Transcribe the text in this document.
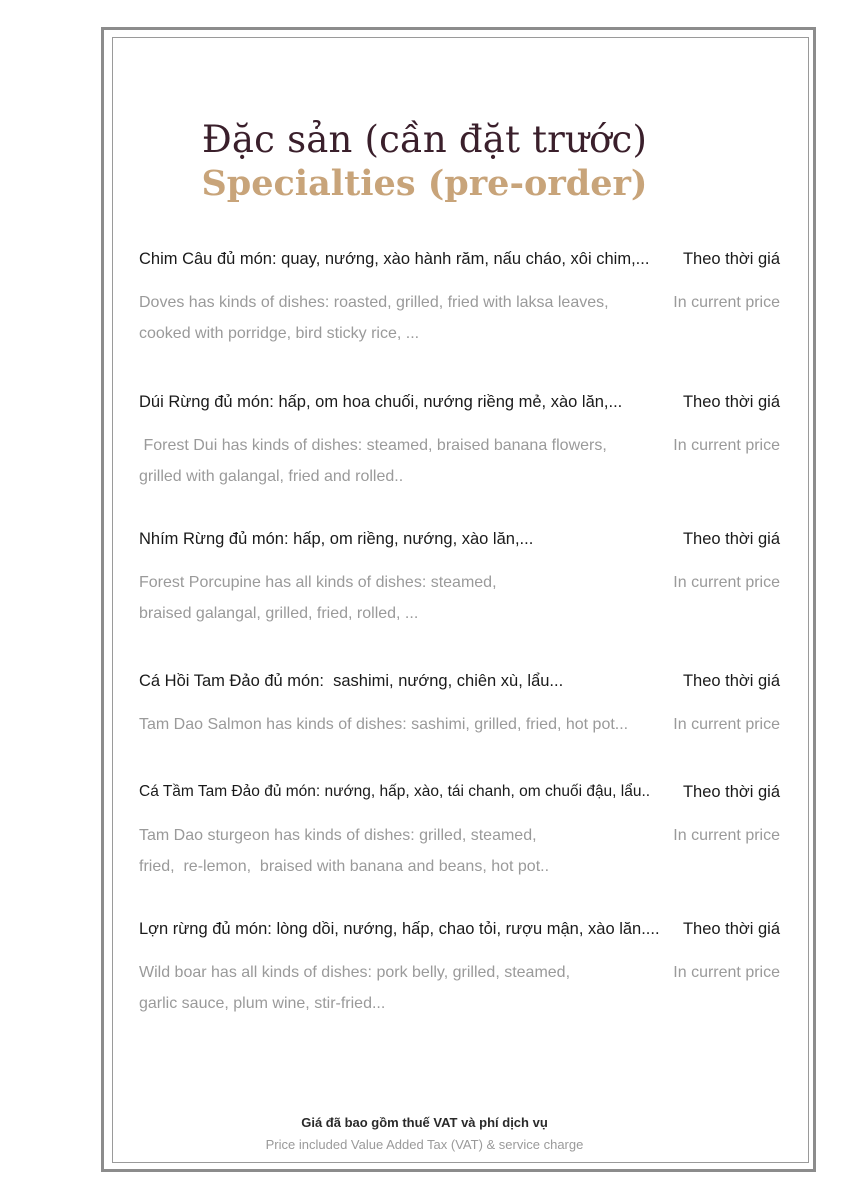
Đặc sản (cần đặt trước)
Specialties (pre-order)
Chim Câu đủ món: quay, nướng, xào hành răm, nấu cháo, xôi chim,... Theo thời giá
Doves has kinds of dishes: roasted, grilled, fried with laksa leaves,
cooked with porridge, bird sticky rice, ...
In current price
Dúi Rừng đủ món: hấp, om hoa chuối, nướng riềng mẻ, xào lăn,...	Theo thời giá
Forest Dui has kinds of dishes: steamed, braised banana flowers,
grilled with galangal, fried and rolled..
In current price
Nhím Rừng đủ món: hấp, om riềng, nướng, xào lăn,...	Theo thời giá
Forest Porcupine has all kinds of dishes: steamed,
braised galangal, grilled, fried, rolled, ...
In current price
Cá Hồi Tam Đảo đủ món:  sashimi, nướng, chiên xù, lẩu...	Theo thời giá
Tam Dao Salmon has kinds of dishes: sashimi, grilled, fried, hot pot...	In current price
Cá Tầm Tam Đảo đủ món: nướng, hấp, xào, tái chanh, om chuối đậu, lẩu.. Theo thời giá
Tam Dao sturgeon has kinds of dishes: grilled, steamed,
fried,  re-lemon,  braised with banana and beans, hot pot..
In current price
Lợn rừng đủ món: lòng dồi, nướng, hấp, chao tỏi, rượu mận, xào lăn.... Theo thời giá
Wild boar has all kinds of dishes: pork belly, grilled, steamed,
garlic sauce, plum wine, stir-fried...
In current price
Giá đã bao gồm thuế VAT và phí dịch vụ
Price included Value Added Tax (VAT) & service charge
